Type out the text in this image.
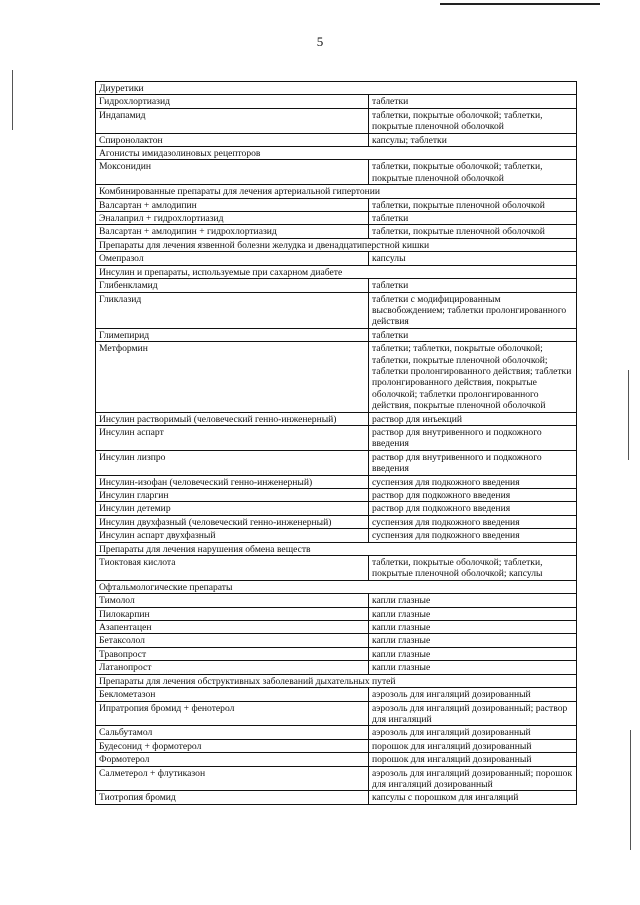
5
Диуретики	
Гидрохлортиазид	таблетки
Индапамид	таблетки, покрытые оболочкой; таблетки, покрытые пленочной оболочкой
Спиронолактон	капсулы; таблетки
Агонисты имидазолиновых рецепторов	
Моксонидин	таблетки, покрытые оболочкой; таблетки, покрытые пленочной оболочкой
Комбинированные препараты для лечения артериальной гипертонии	
Валсартан + амлодипин	таблетки, покрытые пленочной оболочкой
Эналаприл + гидрохлортиазид	таблетки
Валсартан + амлодипин + гидрохлортиазид	таблетки, покрытые пленочной оболочкой
Препараты для лечения язвенной болезни желудка и двенадцатиперстной кишки	
Омепразол	капсулы
Инсулин и препараты, используемые при сахарном диабете	
Глибенкламид	таблетки
Гликлазид	таблетки с модифицированным высвобождением; таблетки пролонгированного действия
Глимепирид	таблетки
Метформин	таблетки; таблетки, покрытые оболочкой; таблетки, покрытые пленочной оболочкой; таблетки пролонгированного действия; таблетки пролонгированного действия, покрытые оболочкой; таблетки пролонгированного действия, покрытые пленочной оболочкой
Инсулин растворимый (человеческий генно-инженерный)	раствор для инъекций
Инсулин аспарт	раствор для внутривенного и подкожного введения
Инсулин лизпро	раствор для внутривенного и подкожного введения
Инсулин-изофан (человеческий генно-инженерный)	суспензия для подкожного введения
Инсулин гларгин	раствор для подкожного введения
Инсулин детемир	раствор для подкожного введения
Инсулин двухфазный (человеческий генно-инженерный)	суспензия для подкожного введения
Инсулин аспарт двухфазный	суспензия для подкожного введения
Препараты для лечения нарушения обмена веществ	
Тиоктовая кислота	таблетки, покрытые оболочкой; таблетки, покрытые пленочной оболочкой; капсулы
Офтальмологические препараты	
Тимолол	капли глазные
Пилокарпин	капли глазные
Азапентацен	капли глазные
Бетаксолол	капли глазные
Травопрост	капли глазные
Латанопрост	капли глазные
Препараты для лечения обструктивных заболеваний дыхательных путей	
Беклометазон	аэрозоль для ингаляций дозированный
Ипратропия бромид + фенотерол	аэрозоль для ингаляций дозированный; раствор для ингаляций
Сальбутамол	аэрозоль для ингаляций дозированный
Будесонид + формотерол	порошок для ингаляций дозированный
Формотерол	порошок для ингаляций дозированный
Салметерол + флутиказон	аэрозоль для ингаляций дозированный; порошок для ингаляций дозированный
Тиотропия бромид	капсулы с порошком для ингаляций
